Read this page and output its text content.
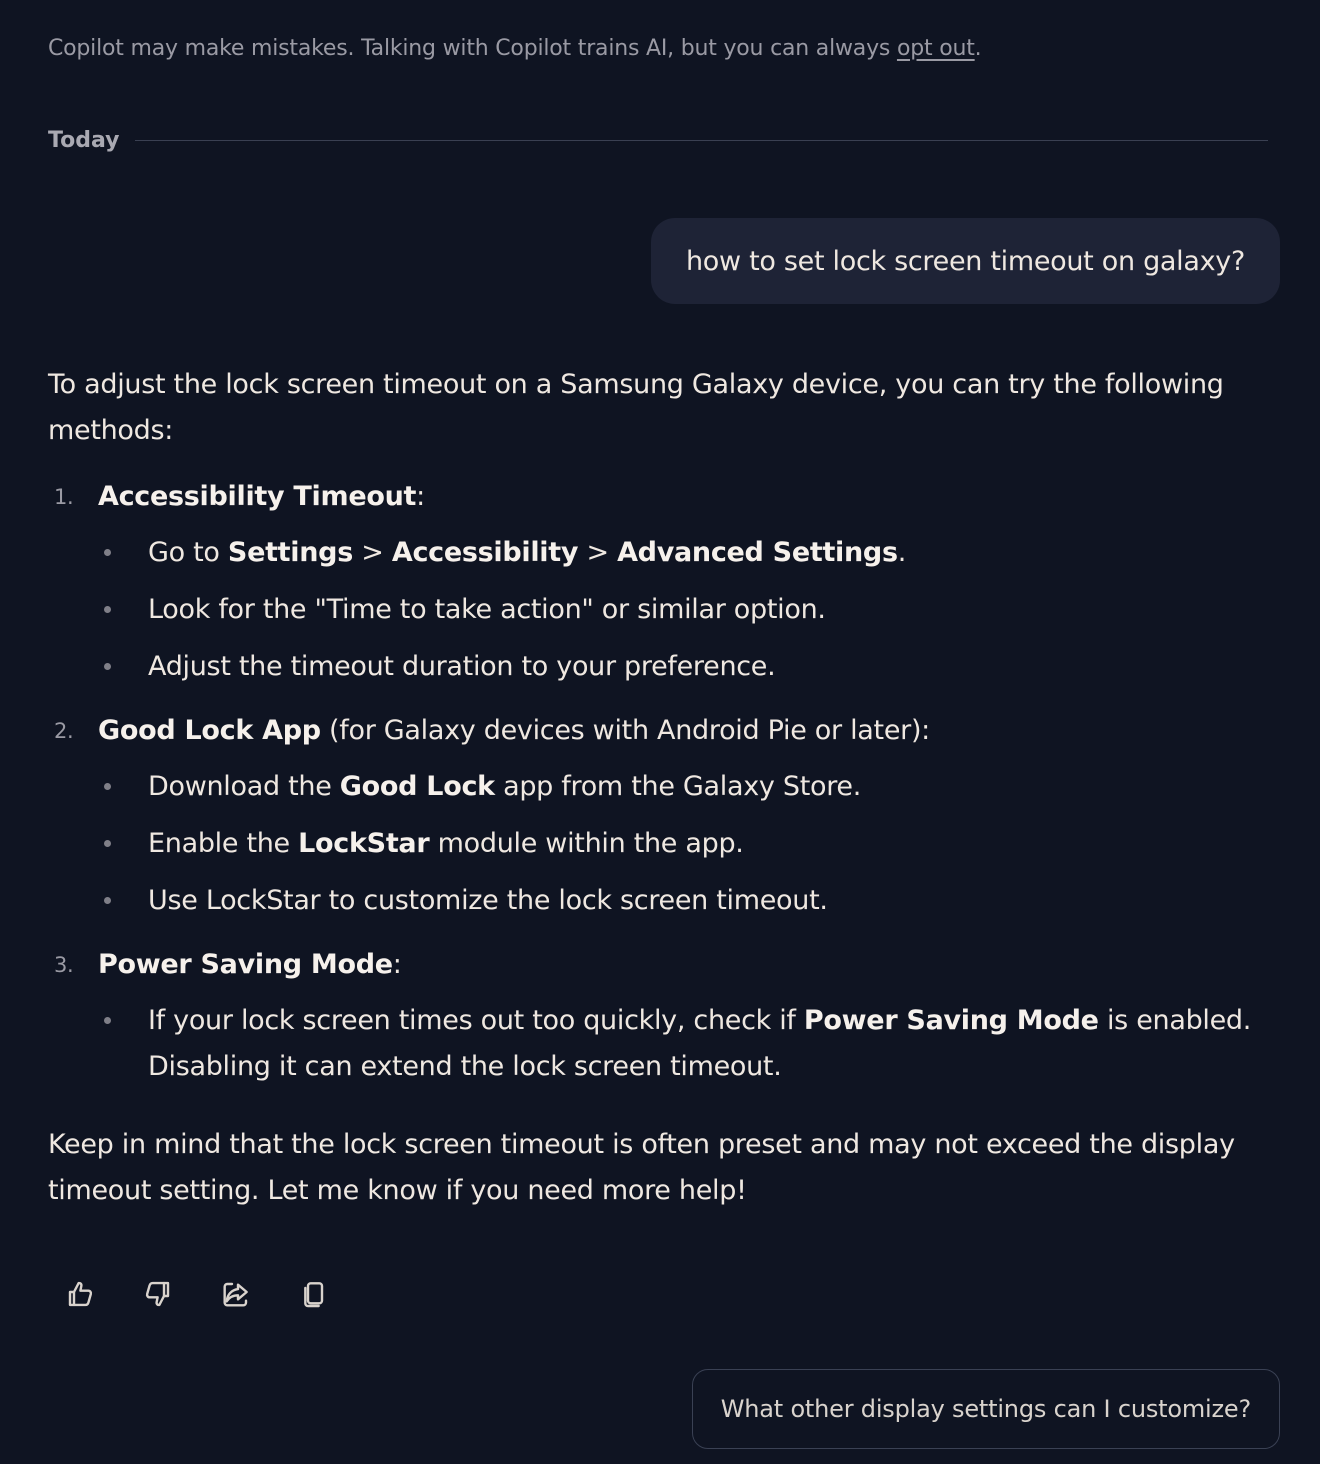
Copilot may make mistakes. Talking with Copilot trains AI, but you can always opt out.
Today
how to set lock screen timeout on galaxy?

To adjust the lock screen timeout on a Samsung Galaxy device, you can try the following methods:

1. Accessibility Timeout:
Go to Settings > Accessibility > Advanced Settings.
Look for the "Time to take action" or similar option.
Adjust the timeout duration to your preference.
2. Good Lock App (for Galaxy devices with Android Pie or later):
Download the Good Lock app from the Galaxy Store.
Enable the LockStar module within the app.
Use LockStar to customize the lock screen timeout.
3. Power Saving Mode:
If your lock screen times out too quickly, check if Power Saving Mode is enabled. Disabling it can extend the lock screen timeout.

Keep in mind that the lock screen timeout is often preset and may not exceed the display timeout setting. Let me know if you need more help!

What other display settings can I customize?
